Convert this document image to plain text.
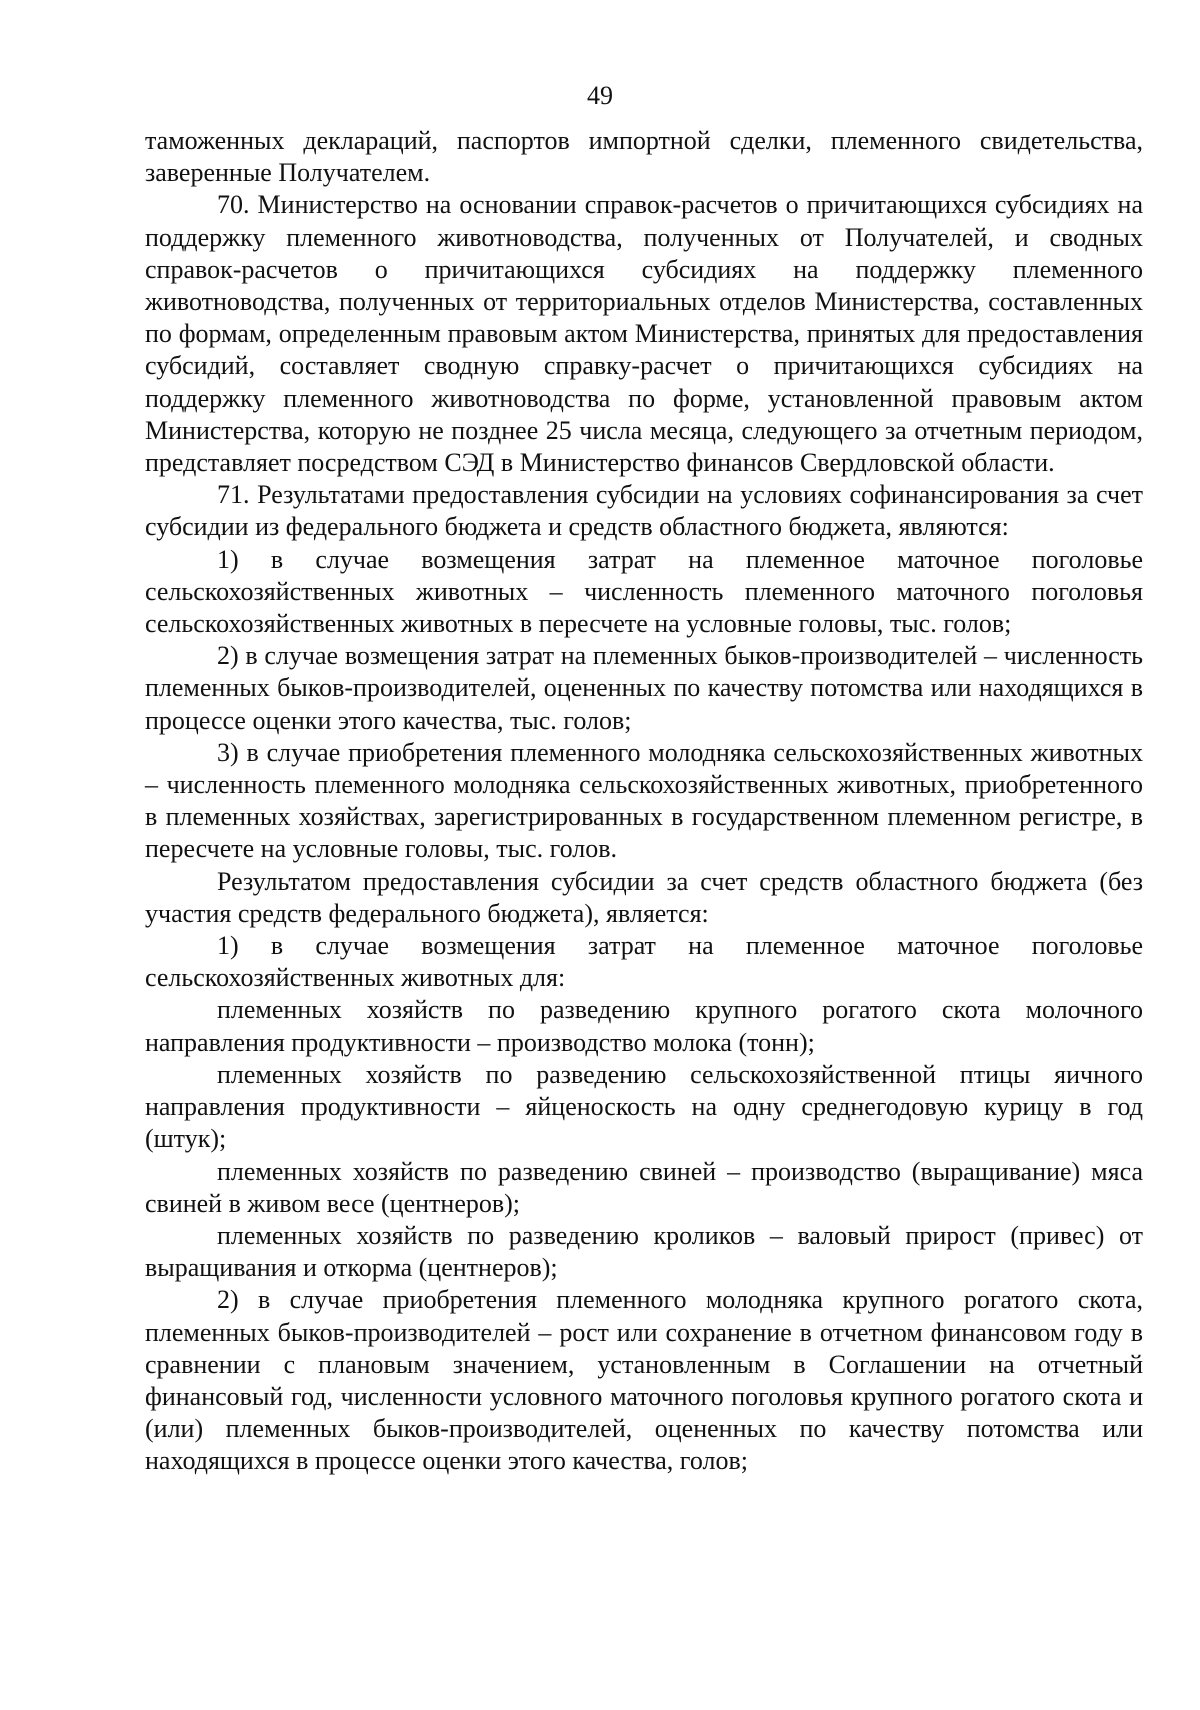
49

таможенных деклараций, паспортов импортной сделки, племенного свидетельства, заверенные Получателем.

70. Министерство на основании справок-расчетов о причитающихся субсидиях на поддержку племенного животноводства, полученных от Получателей, и сводных справок-расчетов о причитающихся субсидиях на поддержку племенного животноводства, полученных от территориальных отделов Министерства, составленных по формам, определенным правовым актом Министерства, принятых для предоставления субсидий, составляет сводную справку-расчет о причитающихся субсидиях на поддержку племенного животноводства по форме, установленной правовым актом Министерства, которую не позднее 25 числа месяца, следующего за отчетным периодом, представляет посредством СЭД в Министерство финансов Свердловской области.

71. Результатами предоставления субсидии на условиях софинансирования за счет субсидии из федерального бюджета и средств областного бюджета, являются:

1) в случае возмещения затрат на племенное маточное поголовье сельскохозяйственных животных – численность племенного маточного поголовья сельскохозяйственных животных в пересчете на условные головы, тыс. голов;

2) в случае возмещения затрат на племенных быков-производителей – численность племенных быков-производителей, оцененных по качеству потомства или находящихся в процессе оценки этого качества, тыс. голов;

3) в случае приобретения племенного молодняка сельскохозяйственных животных – численность племенного молодняка сельскохозяйственных животных, приобретенного в племенных хозяйствах, зарегистрированных в государственном племенном регистре, в пересчете на условные головы, тыс. голов.

Результатом предоставления субсидии за счет средств областного бюджета (без участия средств федерального бюджета), является:

1) в случае возмещения затрат на племенное маточное поголовье сельскохозяйственных животных для:

племенных хозяйств по разведению крупного рогатого скота молочного направления продуктивности – производство молока (тонн);

племенных хозяйств по разведению сельскохозяйственной птицы яичного направления продуктивности – яйценоскость на одну среднегодовую курицу в год (штук);

племенных хозяйств по разведению свиней – производство (выращивание) мяса свиней в живом весе (центнеров);

племенных хозяйств по разведению кроликов – валовый прирост (привес) от выращивания и откорма (центнеров);

2) в случае приобретения племенного молодняка крупного рогатого скота, племенных быков-производителей – рост или сохранение в отчетном финансовом году в сравнении с плановым значением, установленным в Соглашении на отчетный финансовый год, численности условного маточного поголовья крупного рогатого скота и (или) племенных быков-производителей, оцененных по качеству потомства или находящихся в процессе оценки этого качества, голов;
